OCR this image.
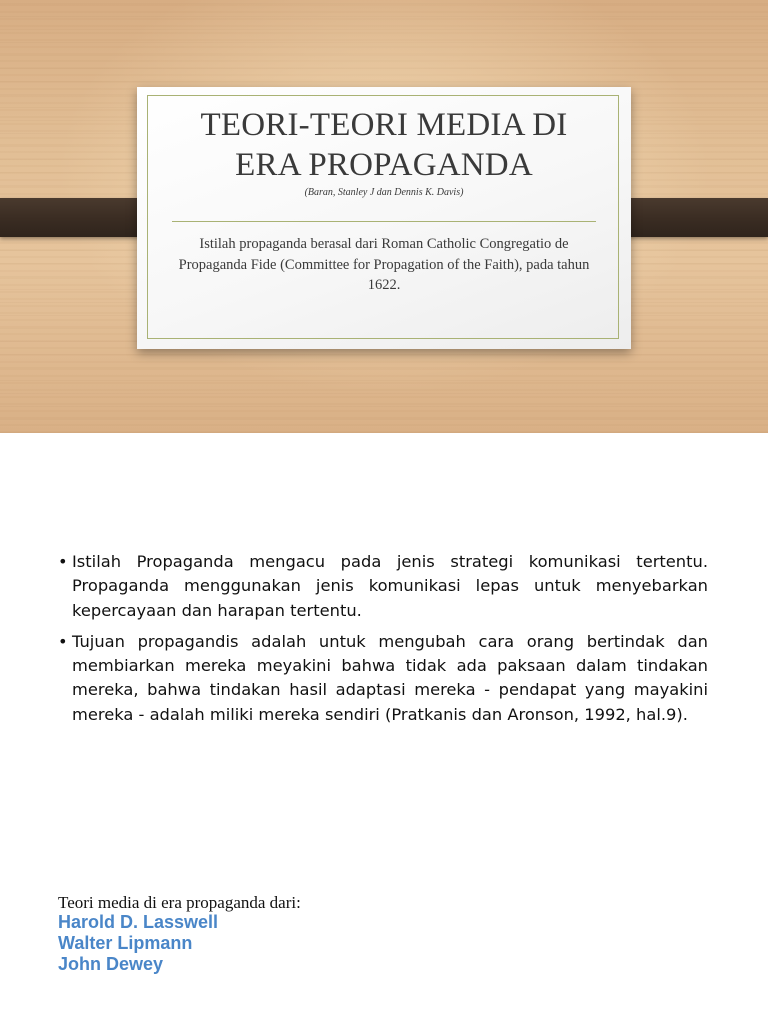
TEORI-TEORI MEDIA DI
ERA PROPAGANDA
(Baran, Stanley J dan Dennis K. Davis)

Istilah propaganda berasal dari Roman Catholic Congregatio de Propaganda Fide (Committee for Propagation of the Faith), pada tahun 1622.

• Istilah Propaganda mengacu pada jenis strategi komunikasi tertentu. Propaganda menggunakan jenis komunikasi lepas untuk menyebarkan kepercayaan dan harapan tertentu.
• Tujuan propagandis adalah untuk mengubah cara orang bertindak dan membiarkan mereka meyakini bahwa tidak ada paksaan dalam tindakan mereka, bahwa tindakan hasil adaptasi mereka - pendapat yang mayakini mereka - adalah miliki mereka sendiri (Pratkanis dan Aronson, 1992, hal.9).
Teori media di era propaganda dari:
Harold D. Lasswell
Walter Lipmann
John Dewey
